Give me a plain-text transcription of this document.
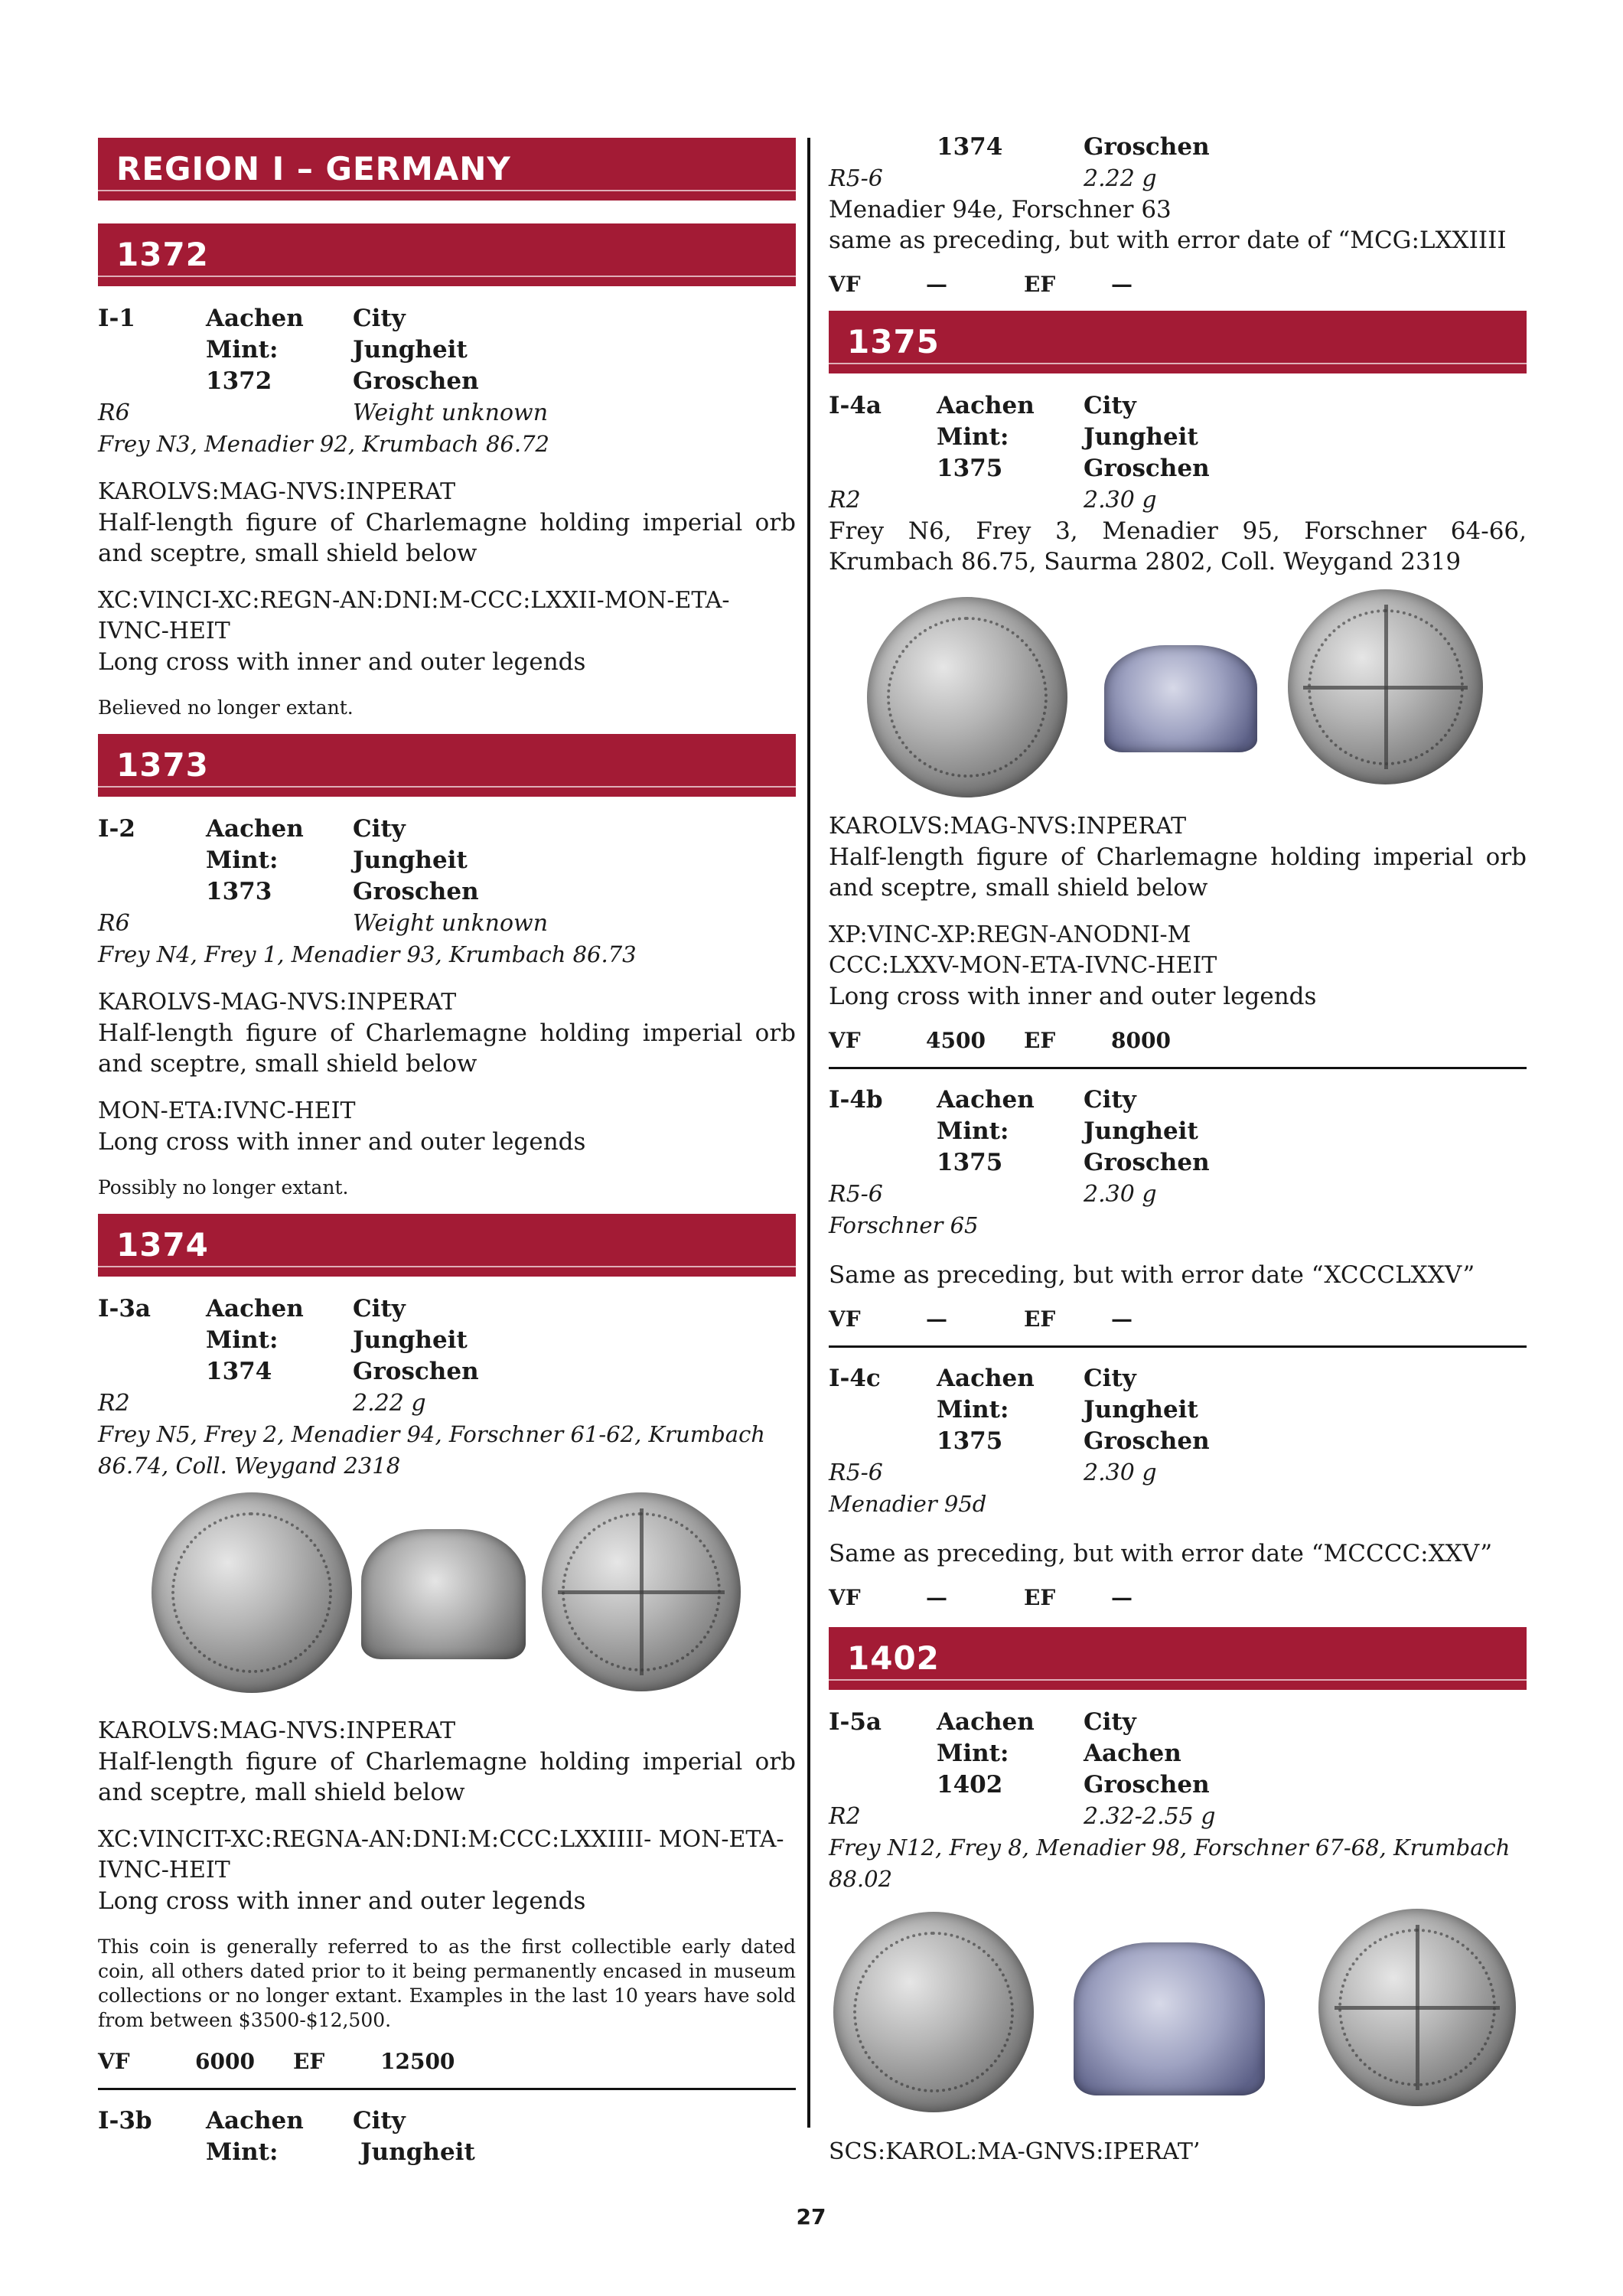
REGION I – GERMANY
1372
I-1	Aachen	City
Mint:	Jungheit
1372	Groschen
R6	Weight unknown
Frey N3, Menadier 92, Krumbach 86.72
KAROLVS:MAG-NVS:INPERAT
Half-length figure of Charlemagne holding imperial orb and sceptre, small shield below
XC:VINCI-XC:REGN-AN:DNI:M-CCC:LXXII-MON-ETA-IVNC-HEIT
Long cross with inner and outer legends
Believed no longer extant.
1373
I-2	Aachen	City
Mint:	Jungheit
1373	Groschen
R6	Weight unknown
Frey N4, Frey 1, Menadier 93, Krumbach 86.73
KAROLVS-MAG-NVS:INPERAT
Half-length figure of Charlemagne holding imperial orb and sceptre, small shield below
MON-ETA:IVNC-HEIT
Long cross with inner and outer legends
Possibly no longer extant.
1374
I-3a	Aachen	City
Mint:	Jungheit
1374	Groschen
R2	2.22 g
Frey N5, Frey 2, Menadier 94, Forschner 61-62, Krumbach 86.74, Coll. Weygand 2318
KAROLVS:MAG-NVS:INPERAT
Half-length figure of Charlemagne holding imperial orb and sceptre, mall shield below
XC:VINCIT-XC:REGNA-AN:DNI:M:CCC:LXXIIII- MON-ETA-IVNC-HEIT
Long cross with inner and outer legends
This coin is generally referred to as the first collectible early dated coin, all others dated prior to it being permanently encased in museum collections or no longer extant. Examples in the last 10 years have sold from between $3500-$12,500.
VF	6000	EF	12500
I-3b	Aachen	City
Mint:	Jungheit
1374	Groschen
R5-6	2.22 g
Menadier 94e, Forschner 63
same as preceding, but with error date of “MCG:LXXIIII
VF	—	EF	—
1375
I-4a	Aachen	City
Mint:	Jungheit
1375	Groschen
R2	2.30 g
Frey N6, Frey 3, Menadier 95, Forschner 64-66, Krumbach 86.75, Saurma 2802, Coll. Weygand 2319
KAROLVS:MAG-NVS:INPERAT
Half-length figure of Charlemagne holding imperial orb and sceptre, small shield below
XP:VINC-XP:REGN-ANODNI-M CCC:LXXV-MON-ETA-IVNC-HEIT
Long cross with inner and outer legends
VF	4500	EF	8000
I-4b	Aachen	City
Mint:	Jungheit
1375	Groschen
R5-6	2.30 g
Forschner 65
Same as preceding, but with error date “XCCCLXXV”
VF	—	EF	—
I-4c	Aachen	City
Mint:	Jungheit
1375	Groschen
R5-6	2.30 g
Menadier 95d
Same as preceding, but with error date “MCCCC:XXV”
VF	—	EF	—
1402
I-5a	Aachen	City
Mint:	Aachen
1402	Groschen
R2	2.32-2.55 g
Frey N12, Frey 8, Menadier 98, Forschner 67-68, Krumbach 88.02
SCS:KAROL:MA-GNVS:IPERAT’
27
